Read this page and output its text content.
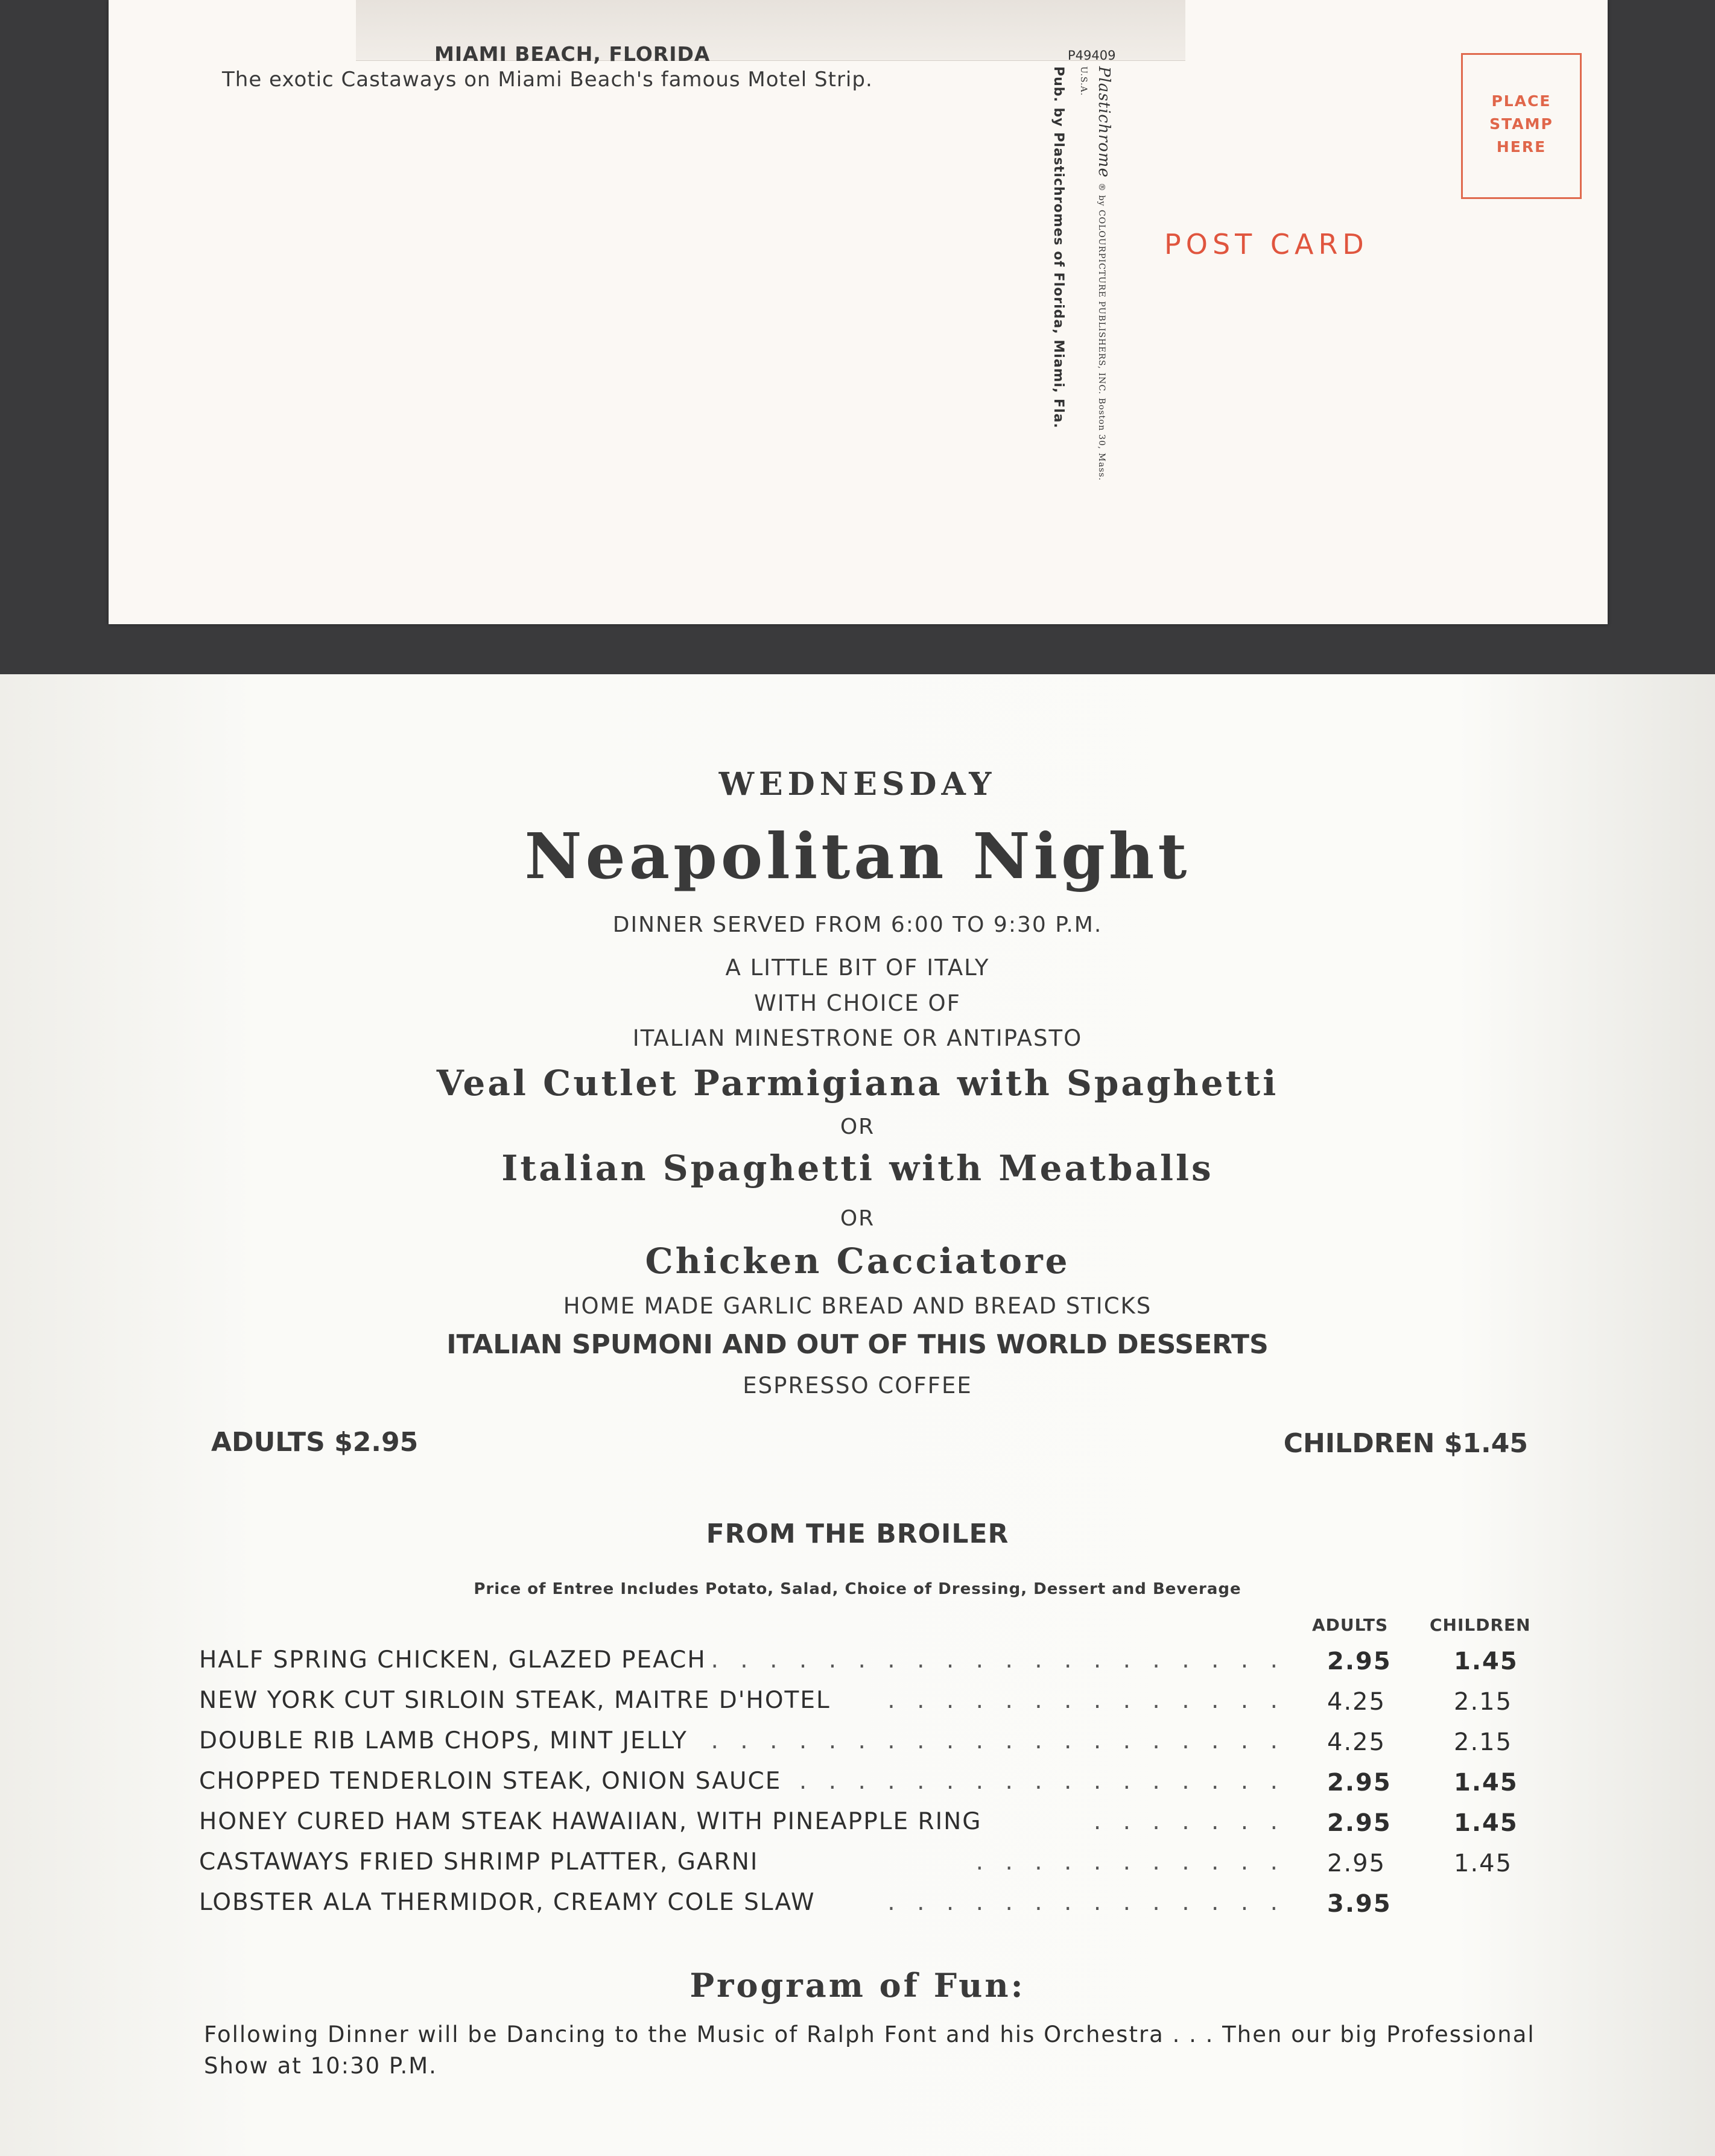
MIAMI BEACH, FLORIDA
The exotic Castaways on Miami Beach's famous Motel Strip.
P49409
Plastichrome ® by COLOURPICTURE PUBLISHERS, INC. Boston 30, Mass. U.S.A.
Pub. by Plastichromes of Florida, Miami, Fla.	PLACE
STAMP
HERE
POST CARD
WEDNESDAY
Neapolitan Night
DINNER SERVED FROM 6:00 TO 9:30 P.M.
A LITTLE BIT OF ITALY
WITH CHOICE OF
ITALIAN MINESTRONE OR ANTIPASTO
Veal Cutlet Parmigiana with Spaghetti
OR
Italian Spaghetti with Meatballs
OR
Chicken Cacciatore
HOME MADE GARLIC BREAD AND BREAD STICKS
ITALIAN SPUMONI AND OUT OF THIS WORLD DESSERTS
ESPRESSO COFFEE
ADULTS $2.95	CHILDREN $1.45
FROM THE BROILER
Price of Entree Includes Potato, Salad, Choice of Dressing, Dessert and Beverage
ADULTS CHILDREN
HALF SPRING CHICKEN, GLAZED PEACH . . . . . . . . . . . . . . . . . . . . 2.95	1.45
NEW YORK CUT SIRLOIN STEAK, MAITRE D'HOTEL . . . . . . . . . . . . . . 4.25	2.15
DOUBLE RIB LAMB CHOPS, MINT JELLY . . . . . . . . . . . . . . . . . . . . 4.25	2.15
CHOPPED TENDERLOIN STEAK, ONION SAUCE . . . . . . . . . . . . . . . . . 2.95	1.45
HONEY CURED HAM STEAK HAWAIIAN, WITH PINEAPPLE RING	. . . . . . . 2.95	1.45
CASTAWAYS FRIED SHRIMP PLATTER, GARNI	. . . . . . . . . . . 2.95	1.45
LOBSTER ALA THERMIDOR, CREAMY COLE SLAW	. . . . . . . . . . . . . . 3.95
Program of Fun:
Following Dinner will be Dancing to the Music of Ralph Font and his Orchestra . . . Then our big Professional Show at 10:30 P.M.
